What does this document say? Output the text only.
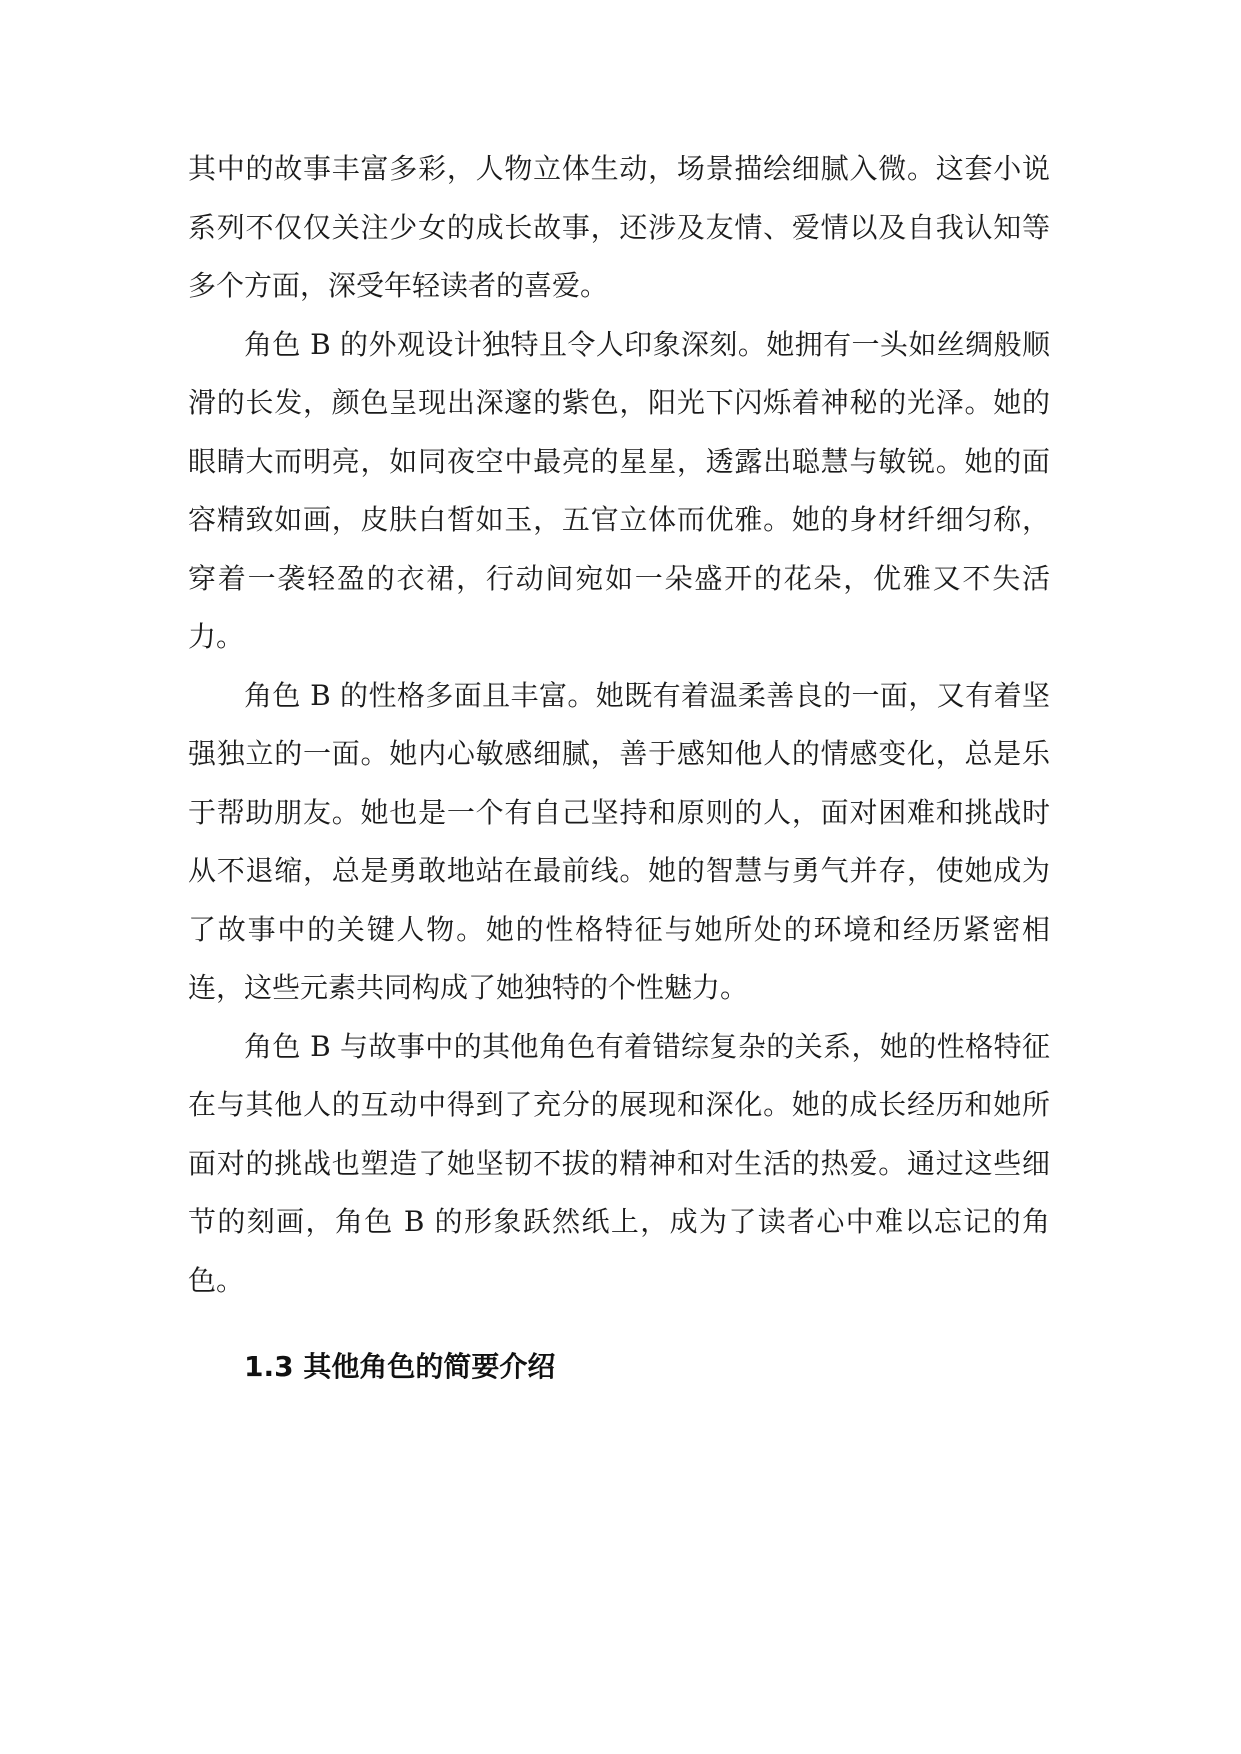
其中的故事丰富多彩，人物立体生动，场景描绘细腻入微。这套小说系列不仅仅关注少女的成长故事，还涉及友情、爱情以及自我认知等多个方面，深受年轻读者的喜爱。

角色 B 的外观设计独特且令人印象深刻。她拥有一头如丝绸般顺滑的长发，颜色呈现出深邃的紫色，阳光下闪烁着神秘的光泽。她的眼睛大而明亮，如同夜空中最亮的星星，透露出聪慧与敏锐。她的面容精致如画，皮肤白皙如玉，五官立体而优雅。她的身材纤细匀称，穿着一袭轻盈的衣裙，行动间宛如一朵盛开的花朵，优雅又不失活力。

角色 B 的性格多面且丰富。她既有着温柔善良的一面，又有着坚强独立的一面。她内心敏感细腻，善于感知他人的情感变化，总是乐于帮助朋友。她也是一个有自己坚持和原则的人，面对困难和挑战时从不退缩，总是勇敢地站在最前线。她的智慧与勇气并存，使她成为了故事中的关键人物。她的性格特征与她所处的环境和经历紧密相连，这些元素共同构成了她独特的个性魅力。

角色 B 与故事中的其他角色有着错综复杂的关系，她的性格特征在与其他人的互动中得到了充分的展现和深化。她的成长经历和她所面对的挑战也塑造了她坚韧不拔的精神和对生活的热爱。通过这些细节的刻画，角色 B 的形象跃然纸上，成为了读者心中难以忘记的角色。

1.3 其他角色的简要介绍
